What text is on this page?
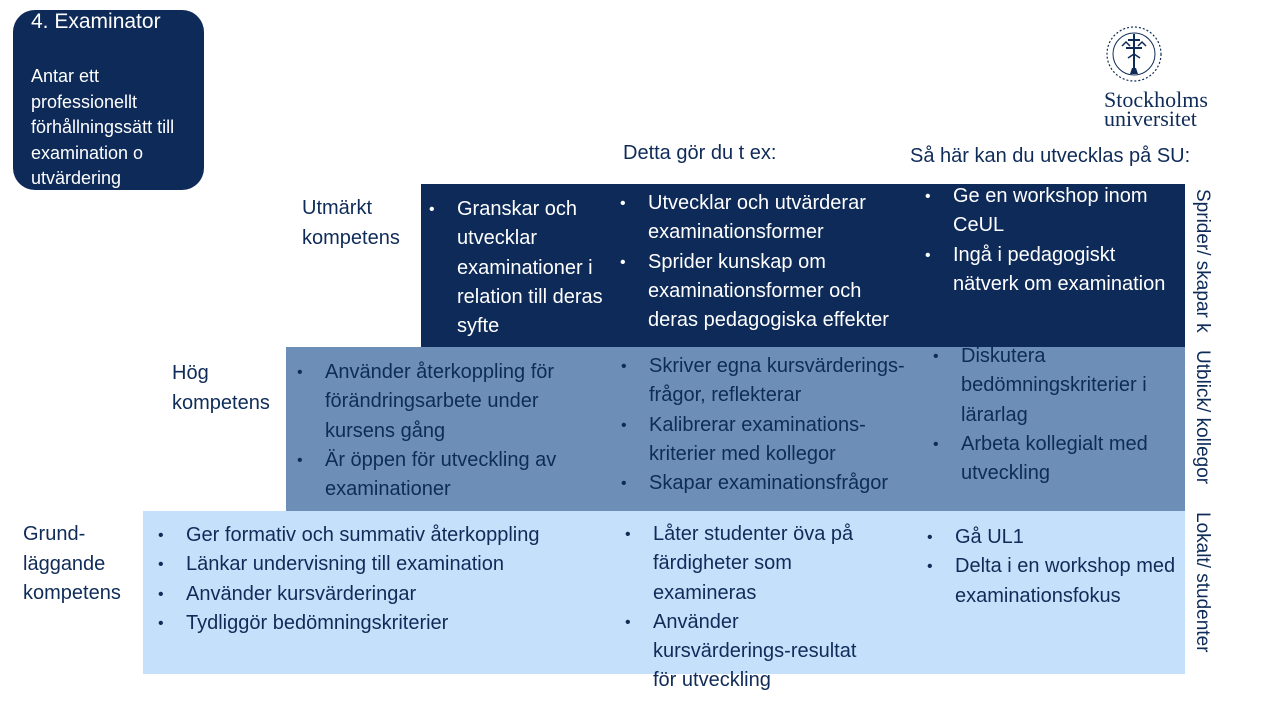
4. Examinator
Antar ett professionellt förhållningssätt till examination o utvärdering
Stockholms
universitet
Detta gör du t ex:	Så här kan du utvecklas på SU:
Utmärkt
kompetens
Hög
kompetens
Grund-
läggande
kompetens
• Granskar och utvecklar examinationer i relation till deras syfte
• Utvecklar och utvärderar examinationsformer
• Sprider kunskap om examinationsformer och deras pedagogiska effekter
• Ge en workshop inom CeUL
• Ingå i pedagogiskt nätverk om examination
• Använder återkoppling för förändringsarbete under kursens gång
• Är öppen för utveckling av examinationer
• Skriver egna kursvärderings-frågor, reflekterar
• Kalibrerar examinations-kriterier med kollegor
• Skapar examinationsfrågor
• Diskutera bedömningskriterier i lärarlag
• Arbeta kollegialt med utveckling
• Ger formativ och summativ återkoppling
• Länkar undervisning till examination
• Använder kursvärderingar
• Tydliggör bedömningskriterier
• Låter studenter öva på färdigheter som examineras
• Använder kursvärderings-resultat för utveckling
• Gå UL1
• Delta i en workshop med examinationsfokus
Sprider/ skapar k
Utblick/ kollegor
Lokalt/ studenter
